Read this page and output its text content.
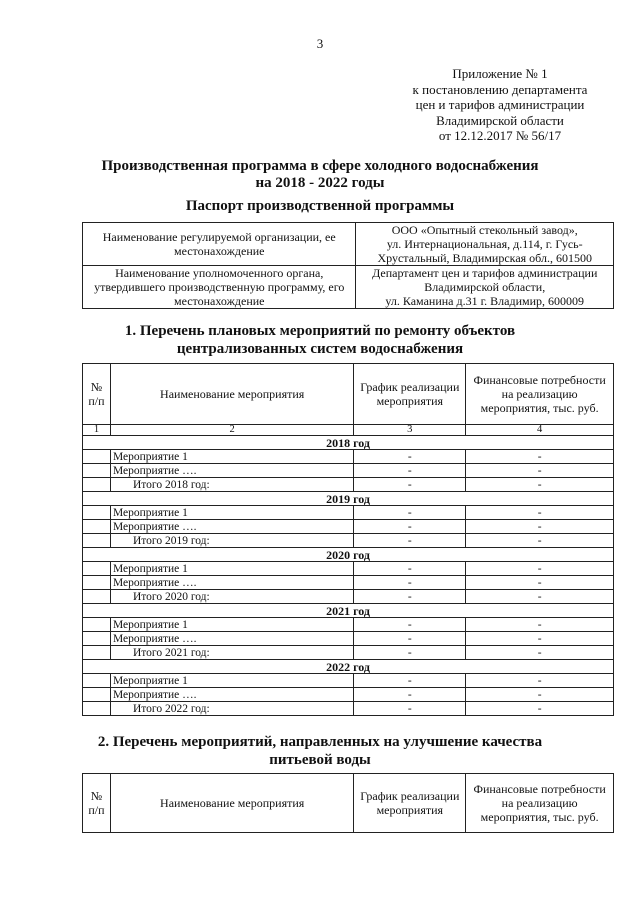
3
Приложение № 1
к постановлению департамента
цен и тарифов администрации
Владимирской области
от 12.12.2017 № 56/17
Производственная программа в сфере холодного водоснабжения
на 2018 - 2022 годы
Паспорт производственной программы
Наименование регулируемой организации, ее местонахождение	ООО «Опытный стекольный завод»,
ул. Интернациональная, д.114, г. Гусь-
Хрустальный, Владимирская обл., 601500

Наименование уполномоченного органа, утвердившего производственную программу, его местонахождение	Департамент цен и тарифов администрации
Владимирской области,
ул. Каманина д.31 г. Владимир, 600009
1. Перечень плановых мероприятий по ремонту объектов
централизованных систем водоснабжения
№ п/п	Наименование мероприятия	График реализации мероприятия	Финансовые потребности на реализацию мероприятия, тыс. руб.
1	2	3	4
2018 год			
	Мероприятие 1	-	-
	Мероприятие ….	-	-
	Итого 2018 год:	-	-
2019 год			
	Мероприятие 1	-	-
	Мероприятие ….	-	-
	Итого 2019 год:	-	-
2020 год			
	Мероприятие 1	-	-
	Мероприятие ….	-	-
	Итого 2020 год:	-	-
2021 год			
	Мероприятие 1	-	-
	Мероприятие ….	-	-
	Итого 2021 год:	-	-
2022 год			
	Мероприятие 1	-	-
	Мероприятие ….	-	-
	Итого 2022 год:	-	-
2. Перечень мероприятий, направленных на улучшение качества
питьевой воды
№ п/п	Наименование мероприятия	График реализации мероприятия	Финансовые потребности на реализацию мероприятия, тыс. руб.
